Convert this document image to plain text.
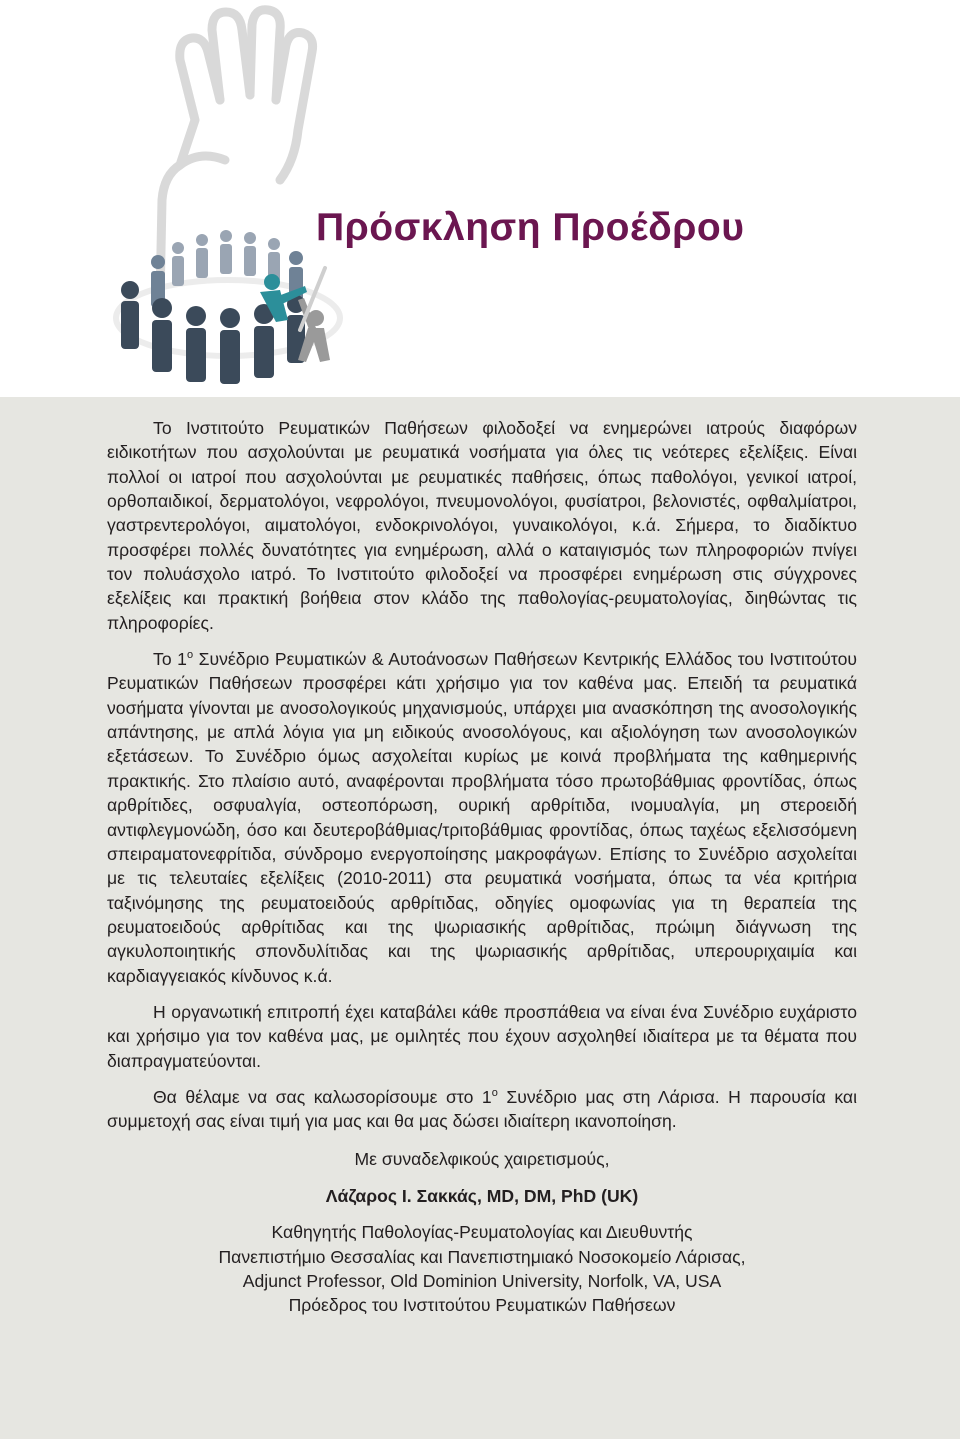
Πρόσκληση Προέδρου

Το Ινστιτούτο Ρευματικών Παθήσεων φιλοδοξεί να ενημερώνει ιατρούς διαφόρων ειδικοτήτων που ασχολούνται με ρευματικά νοσήματα για όλες τις νεότερες εξελίξεις. Είναι πολλοί οι ιατροί που ασχολούνται με ρευματικές παθήσεις, όπως παθολόγοι, γενικοί ιατροί, ορθοπαιδικοί, δερματολόγοι, νεφρολόγοι, πνευμονολόγοι, φυσίατροι, βελονιστές, οφθαλμίατροι, γαστρεντερολόγοι, αιματολόγοι, ενδοκρινολόγοι, γυναικολόγοι, κ.ά. Σήμερα, το διαδίκτυο προσφέρει πολλές δυνατότητες για ενημέρωση, αλλά ο καταιγισμός των πληροφοριών πνίγει τον πολυάσχολο ιατρό. Το Ινστιτούτο φιλοδοξεί να προσφέρει ενημέρωση στις σύγχρονες εξελίξεις και πρακτική βοήθεια στον κλάδο της παθολογίας-ρευματολογίας, διηθώντας τις πληροφορίες.

Το $1^o$ Συνέδριο Ρευματικών & Αυτοάνοσων Παθήσεων Κεντρικής Ελλάδος του Ινστιτούτου Ρευματικών Παθήσεων προσφέρει κάτι χρήσιμο για τον καθένα μας. Επειδή τα ρευματικά νοσήματα γίνονται με ανοσολογικούς μηχανισμούς, υπάρχει μια ανασκόπηση της ανοσολογικής απάντησης, με απλά λόγια για μη ειδικούς ανοσολόγους, και αξιολόγηση των ανοσολογικών εξετάσεων. Το Συνέδριο όμως ασχολείται κυρίως με κοινά προβλήματα της καθημερινής πρακτικής. Στο πλαίσιο αυτό, αναφέρονται προβλήματα τόσο πρωτοβάθμιας φροντίδας, όπως αρθρίτιδες, οσφυαλγία, οστεοπόρωση, ουρική αρθρίτιδα, ινομυαλγία, μη στεροειδή αντιφλεγμονώδη, όσο και δευτεροβάθμιας/τριτοβάθμιας φροντίδας, όπως ταχέως εξελισσόμενη σπειραματονεφρίτιδα, σύνδρομο ενεργοποίησης μακροφάγων. Επίσης το Συνέδριο ασχολείται με τις τελευταίες εξελίξεις (2010-2011) στα ρευματικά νοσήματα, όπως τα νέα κριτήρια ταξινόμησης της ρευματοειδούς αρθρίτιδας, οδηγίες ομοφωνίας για τη θεραπεία της ρευματοειδούς αρθρίτιδας και της ψωριασικής αρθρίτιδας, πρώιμη διάγνωση της αγκυλοποιητικής σπονδυλίτιδας και της ψωριασικής αρθρίτιδας, υπερουριχαιμία και καρδιαγγειακός κίνδυνος κ.ά.

Η οργανωτική επιτροπή έχει καταβάλει κάθε προσπάθεια να είναι ένα Συνέδριο ευχάριστο και χρήσιμο για τον καθένα μας, με ομιλητές που έχουν ασχοληθεί ιδιαίτερα με τα θέματα που διαπραγματεύονται.

Θα θέλαμε να σας καλωσορίσουμε στο $1^o$ Συνέδριο μας στη Λάρισα. Η παρουσία και συμμετοχή σας είναι τιμή για μας και θα μας δώσει ιδιαίτερη ικανοποίηση.

Με συναδελφικούς χαιρετισμούς,

Λάζαρος Ι. Σακκάς, MD, DM, PhD (UK)

Καθηγητής Παθολογίας-Ρευματολογίας και Διευθυντής
Πανεπιστήμιο Θεσσαλίας και Πανεπιστημιακό Νοσοκομείο Λάρισας,
Adjunct Professor, Old Dominion University, Norfolk, VA, USA
Πρόεδρος του Ινστιτούτου Ρευματικών Παθήσεων
